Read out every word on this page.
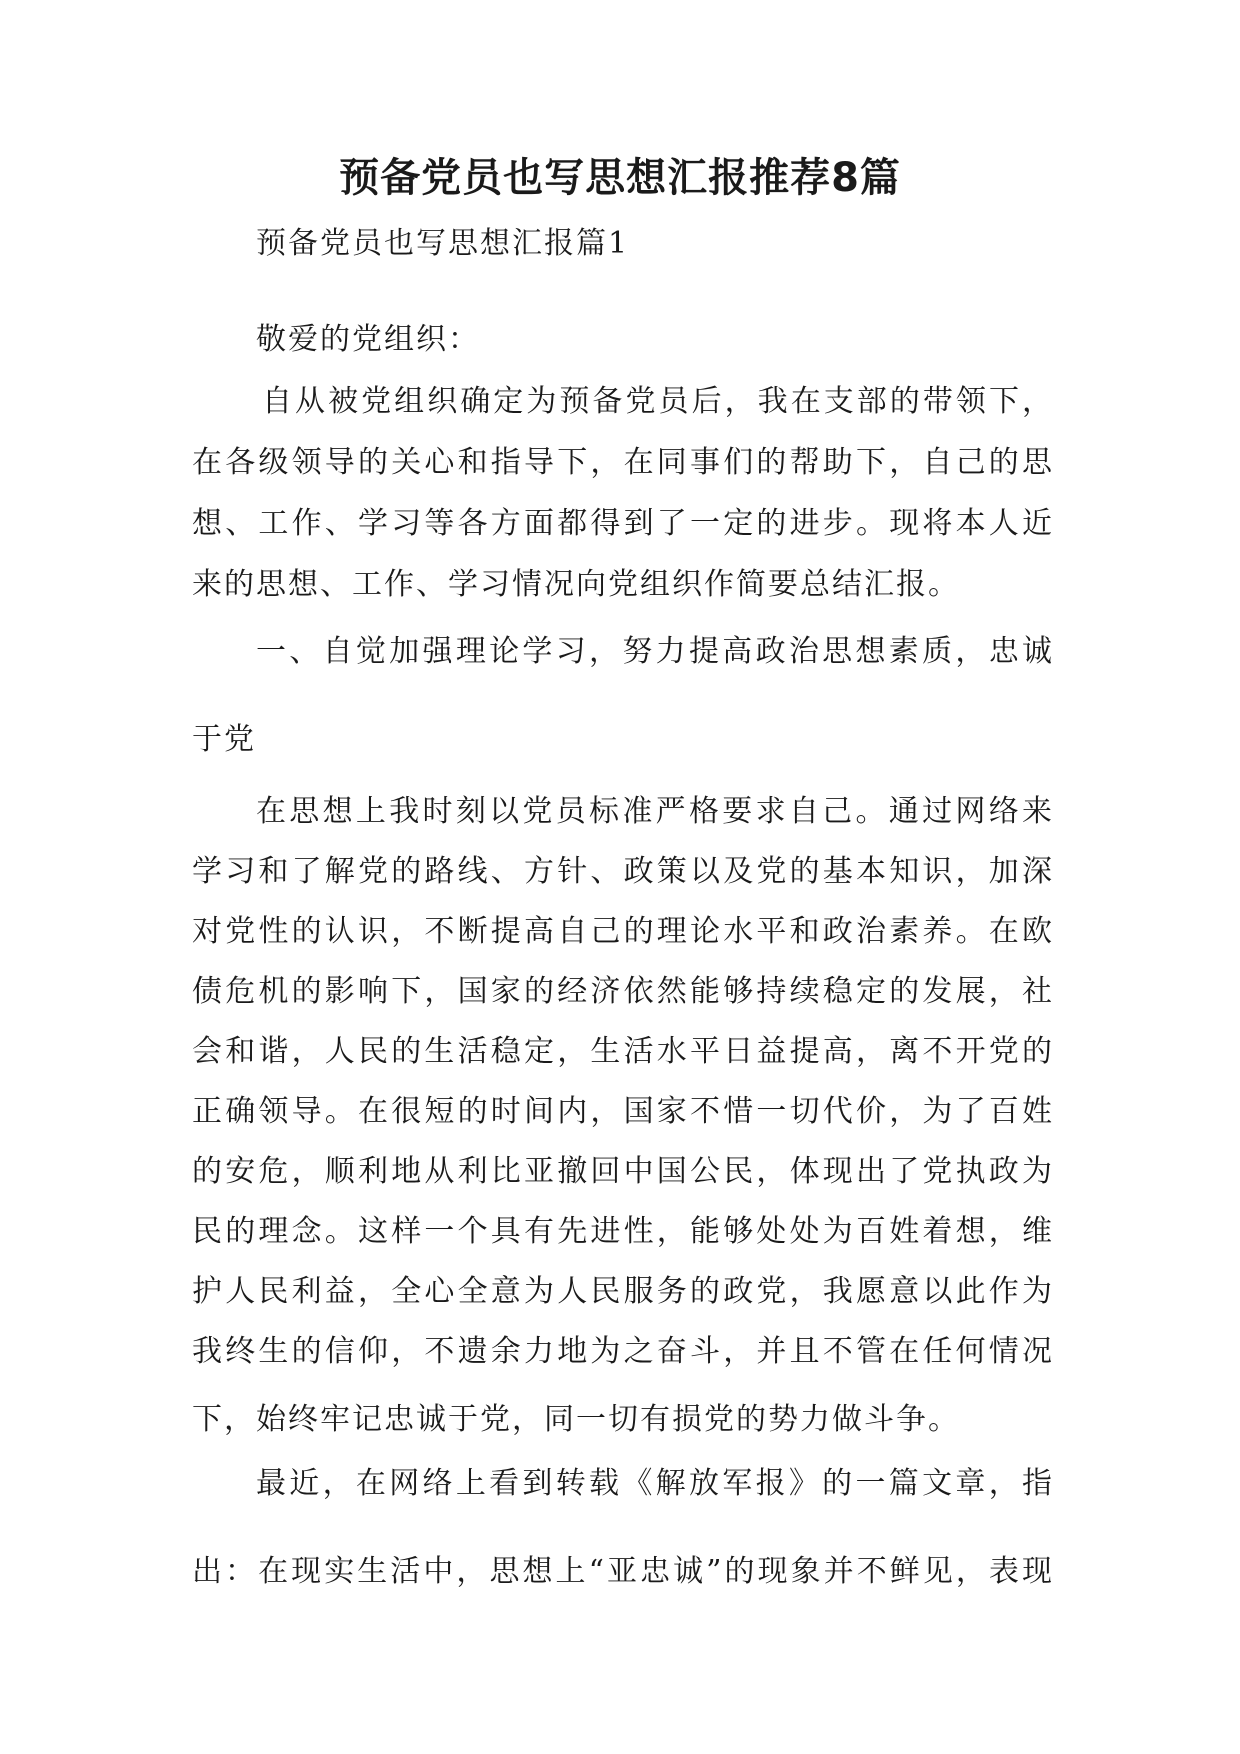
预备党员也写思想汇报推荐8篇

预备党员也写思想汇报篇1

敬爱的党组织：

自从被党组织确定为预备党员后，我在支部的带领下，

在各级领导的关心和指导下，在同事们的帮助下，自己的思

想、工作、学习等各方面都得到了一定的进步。现将本人近

来的思想、工作、学习情况向党组织作简要总结汇报。

一、自觉加强理论学习，努力提高政治思想素质，忠诚

于党

在思想上我时刻以党员标准严格要求自己。通过网络来

学习和了解党的路线、方针、政策以及党的基本知识，加深

对党性的认识，不断提高自己的理论水平和政治素养。在欧

债危机的影响下，国家的经济依然能够持续稳定的发展，社

会和谐，人民的生活稳定，生活水平日益提高，离不开党的

正确领导。在很短的时间内，国家不惜一切代价，为了百姓

的安危，顺利地从利比亚撤回中国公民，体现出了党执政为

民的理念。这样一个具有先进性，能够处处为百姓着想，维

护人民利益，全心全意为人民服务的政党，我愿意以此作为

我终生的信仰，不遗余力地为之奋斗，并且不管在任何情况

下，始终牢记忠诚于党，同一切有损党的势力做斗争。

最近，在网络上看到转载《解放军报》的一篇文章，指

出：在现实生活中，思想上“亚忠诚”的现象并不鲜见，表现
